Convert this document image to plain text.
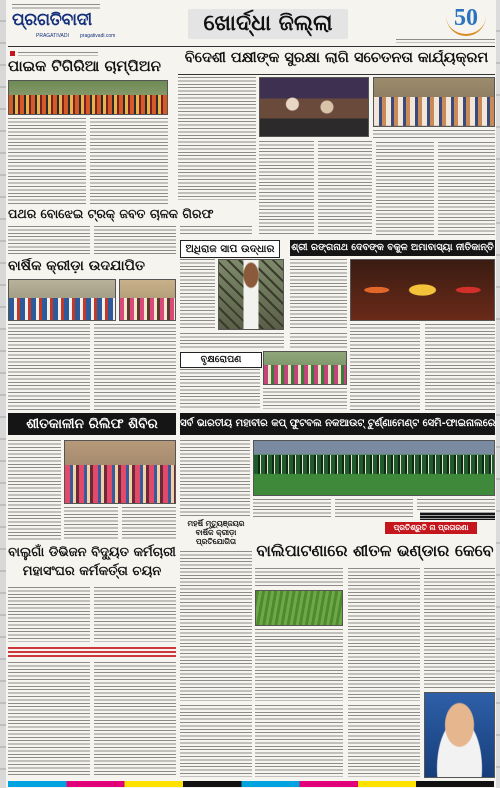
ପ୍ରଗତିବାଦୀ
PRAGATIVADI	pragativadi.com	ଖୋର୍ଦ୍ଧା ଜିଲ୍ଲା	50
ପାଇକ ଟିଗିରିଆ ଚାମ୍ପିଅନ	ବିଦେଶୀ ପକ୍ଷୀଙ୍କ ସୁରକ୍ଷା ଲାଗି ସଚେତନତା କାର୍ଯ୍ୟକ୍ରମ
ପଥର ବୋଝେଇ ଟ୍ରକ୍ ଜବତ ଚାଳକ ଗିରଫ
ବାର୍ଷିକ କ୍ରୀଡ଼ା ଉଦଯାପିତ
ଅଧିରାଜ ସାପ ଉଦ୍ଧାର	ଶ୍ରୀ ରଙ୍ଗନାଥ ଦେବଙ୍କ ବକୁଳ ଅମାବାସ୍ୟା ନୀତିକାନ୍ତି
ବୃକ୍ଷରୋପଣ
ଶୀତକାଳୀନ ରିଲିଫ ଶିବିର	ସର୍ବ ଭାରତୀୟ ମହାବୀର କପ୍ ଫୁଟବଲ ନକଆଉଟ୍ ଟୁର୍ଣ୍ଣାମେଣ୍ଟ ସେମି-ଫାଇନାଲରେ
ମହର୍ଷି ମୃତ୍ୟୁଞ୍ଜୟର ବାର୍ଷିକ କ୍ରୀଡ଼ା ପ୍ରତିଯୋଗିତା
ପ୍ରତିଶ୍ରୁତି ନା ପ୍ରତାରଣା
ବାଲିପାଟଣାରେ ଶୀତଳ ଭଣ୍ଡାର କେବେ
ବାଲୁଗାଁ ଡିଭିଜନ ବିଦ୍ୟୁତ କର୍ମଚାରୀ ମହାସଂଘର କର୍ମକର୍ତ୍ତା ଚୟନ
